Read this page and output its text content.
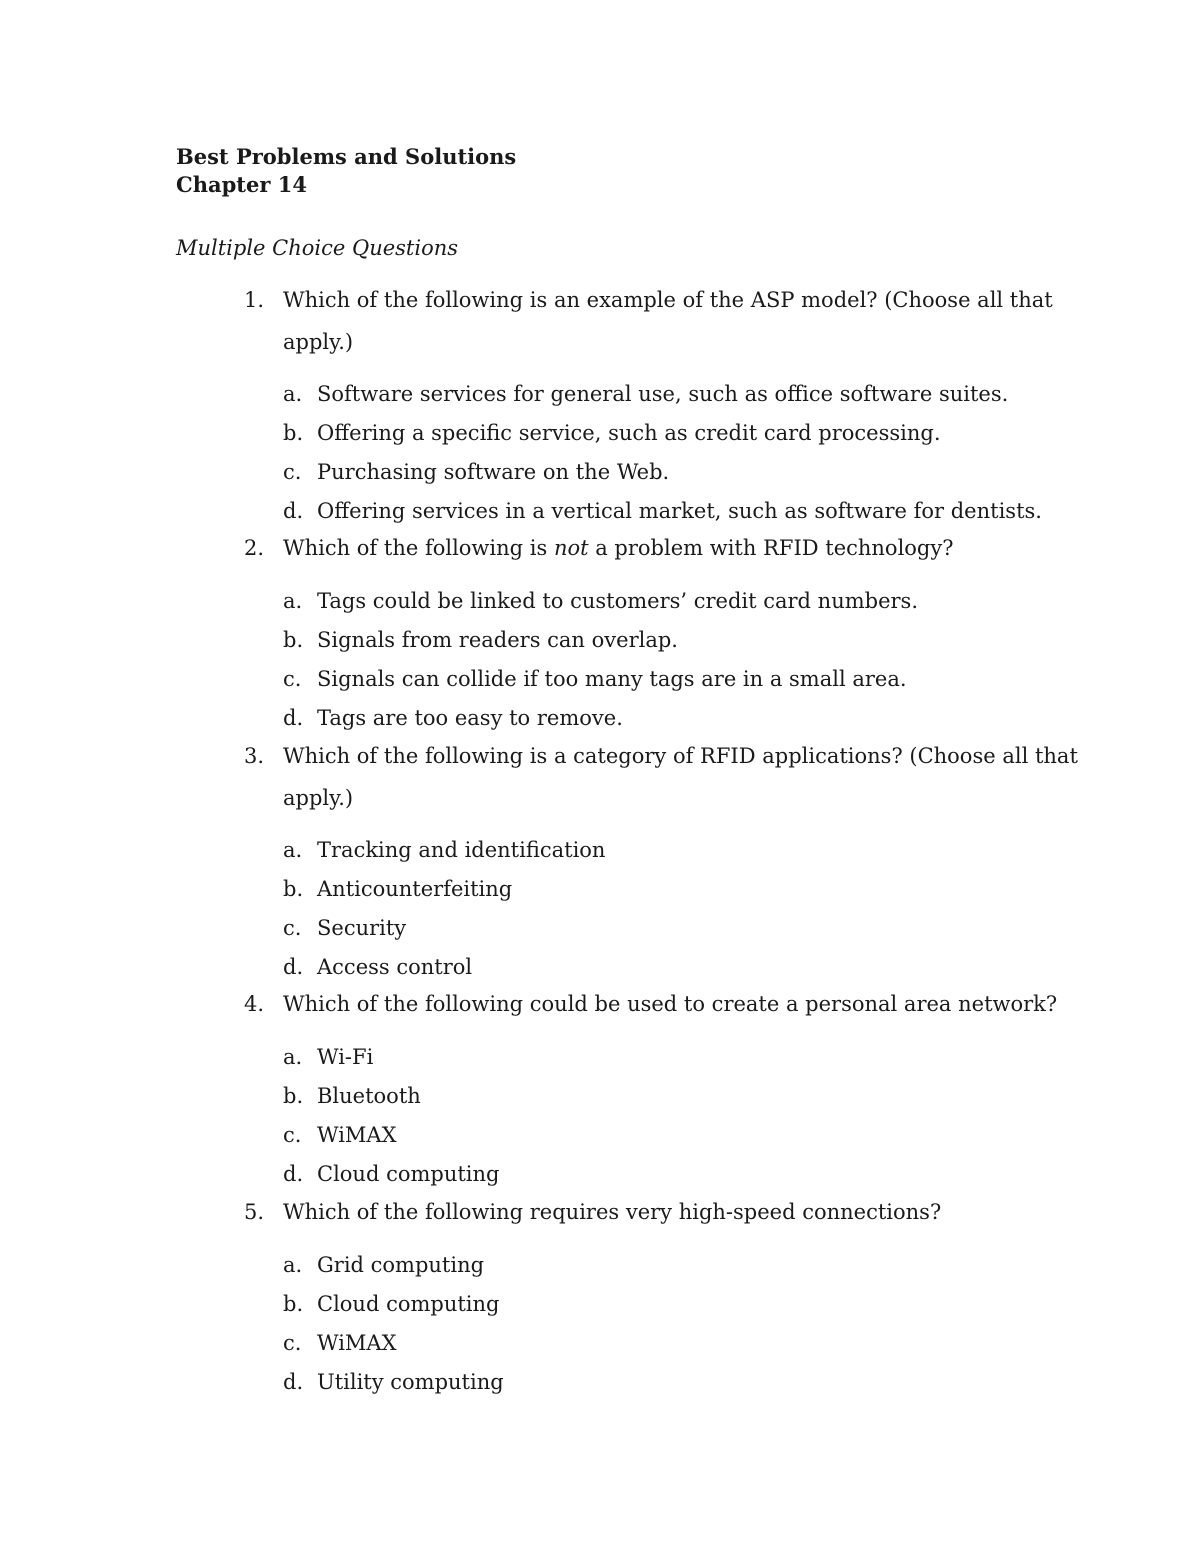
Best Problems and Solutions
Chapter 14
Multiple Choice Questions
1. Which of the following is an example of the ASP model? (Choose all that
apply.)
a. Software services for general use, such as office software suites.
b. Offering a specific service, such as credit card processing.
c. Purchasing software on the Web.
d. Offering services in a vertical market, such as software for dentists.
2. Which of the following is not a problem with RFID technology?
a. Tags could be linked to customers’ credit card numbers.
b. Signals from readers can overlap.
c. Signals can collide if too many tags are in a small area.
d. Tags are too easy to remove.
3. Which of the following is a category of RFID applications? (Choose all that
apply.)
a. Tracking and identification
b. Anticounterfeiting
c. Security
d. Access control
4. Which of the following could be used to create a personal area network?
a. Wi-Fi
b. Bluetooth
c. WiMAX
d. Cloud computing
5. Which of the following requires very high-speed connections?
a. Grid computing
b. Cloud computing
c. WiMAX
d. Utility computing
